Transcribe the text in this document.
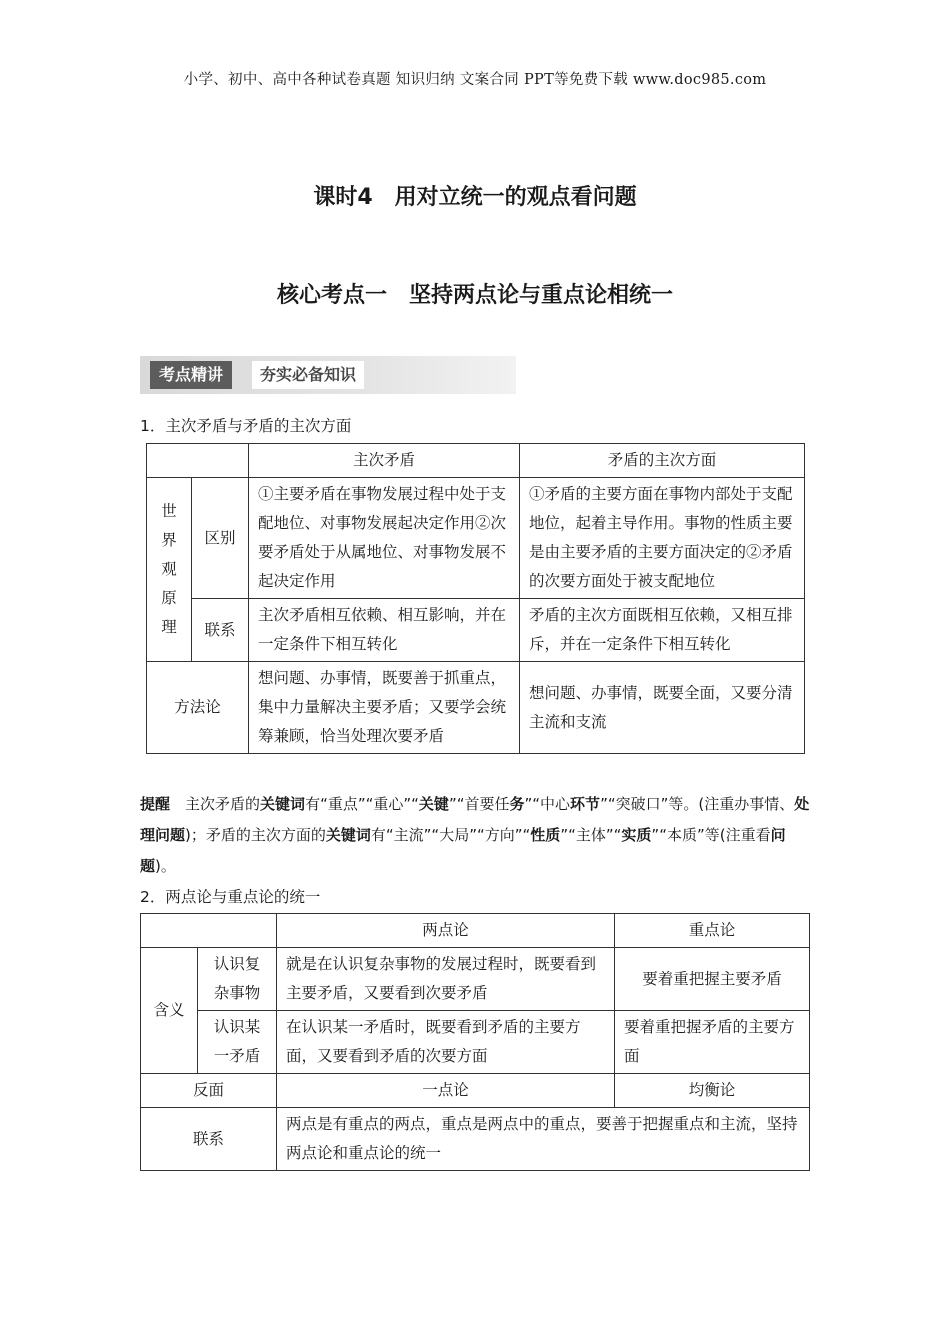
小学、初中、高中各种试卷真题 知识归纳 文案合同 PPT等免费下载 www.doc985.com
课时4　用对立统一的观点看问题
核心考点一　坚持两点论与重点论相统一
考点精讲	夯实必备知识
1．主次矛盾与矛盾的主次方面
		主次矛盾	矛盾的主次方面

世
界
观
原
理	区别	①主要矛盾在事物发展过程中处于支配地位、对事物发展起决定作用②次要矛盾处于从属地位、对事物发展不起决定作用	①矛盾的主要方面在事物内部处于支配地位，起着主导作用。事物的性质主要是由主要矛盾的主要方面决定的②矛盾的次要方面处于被支配地位
	联系	主次矛盾相互依赖、相互影响，并在一定条件下相互转化	矛盾的主次方面既相互依赖，又相互排斥，并在一定条件下相互转化
方法论		想问题、办事情，既要善于抓重点，集中力量解决主要矛盾；又要学会统筹兼顾，恰当处理次要矛盾	想问题、办事情，既要全面，又要分清主流和支流
提醒　 主次矛盾的关键词有“重点”“重心”“关键”“首要任务”“中心环节”“突破口”等。(注重办事情、处理问题)；矛盾的主次方面的关键词有“主流”“大局”“方向”“性质”“主体”“实质”“本质”等(注重看问题)。
2．两点论与重点论的统一
		两点论	重点论
含义	认识复杂事物	就是在认识复杂事物的发展过程时，既要看到主要矛盾，又要看到次要矛盾	要着重把握主要矛盾
	认识某一矛盾	在认识某一矛盾时，既要看到矛盾的主要方面，又要看到矛盾的次要方面	要着重把握矛盾的主要方面
反面		一点论	均衡论
联系		两点是有重点的两点，重点是两点中的重点，要善于把握重点和主流，坚持两点论和重点论的统一	
